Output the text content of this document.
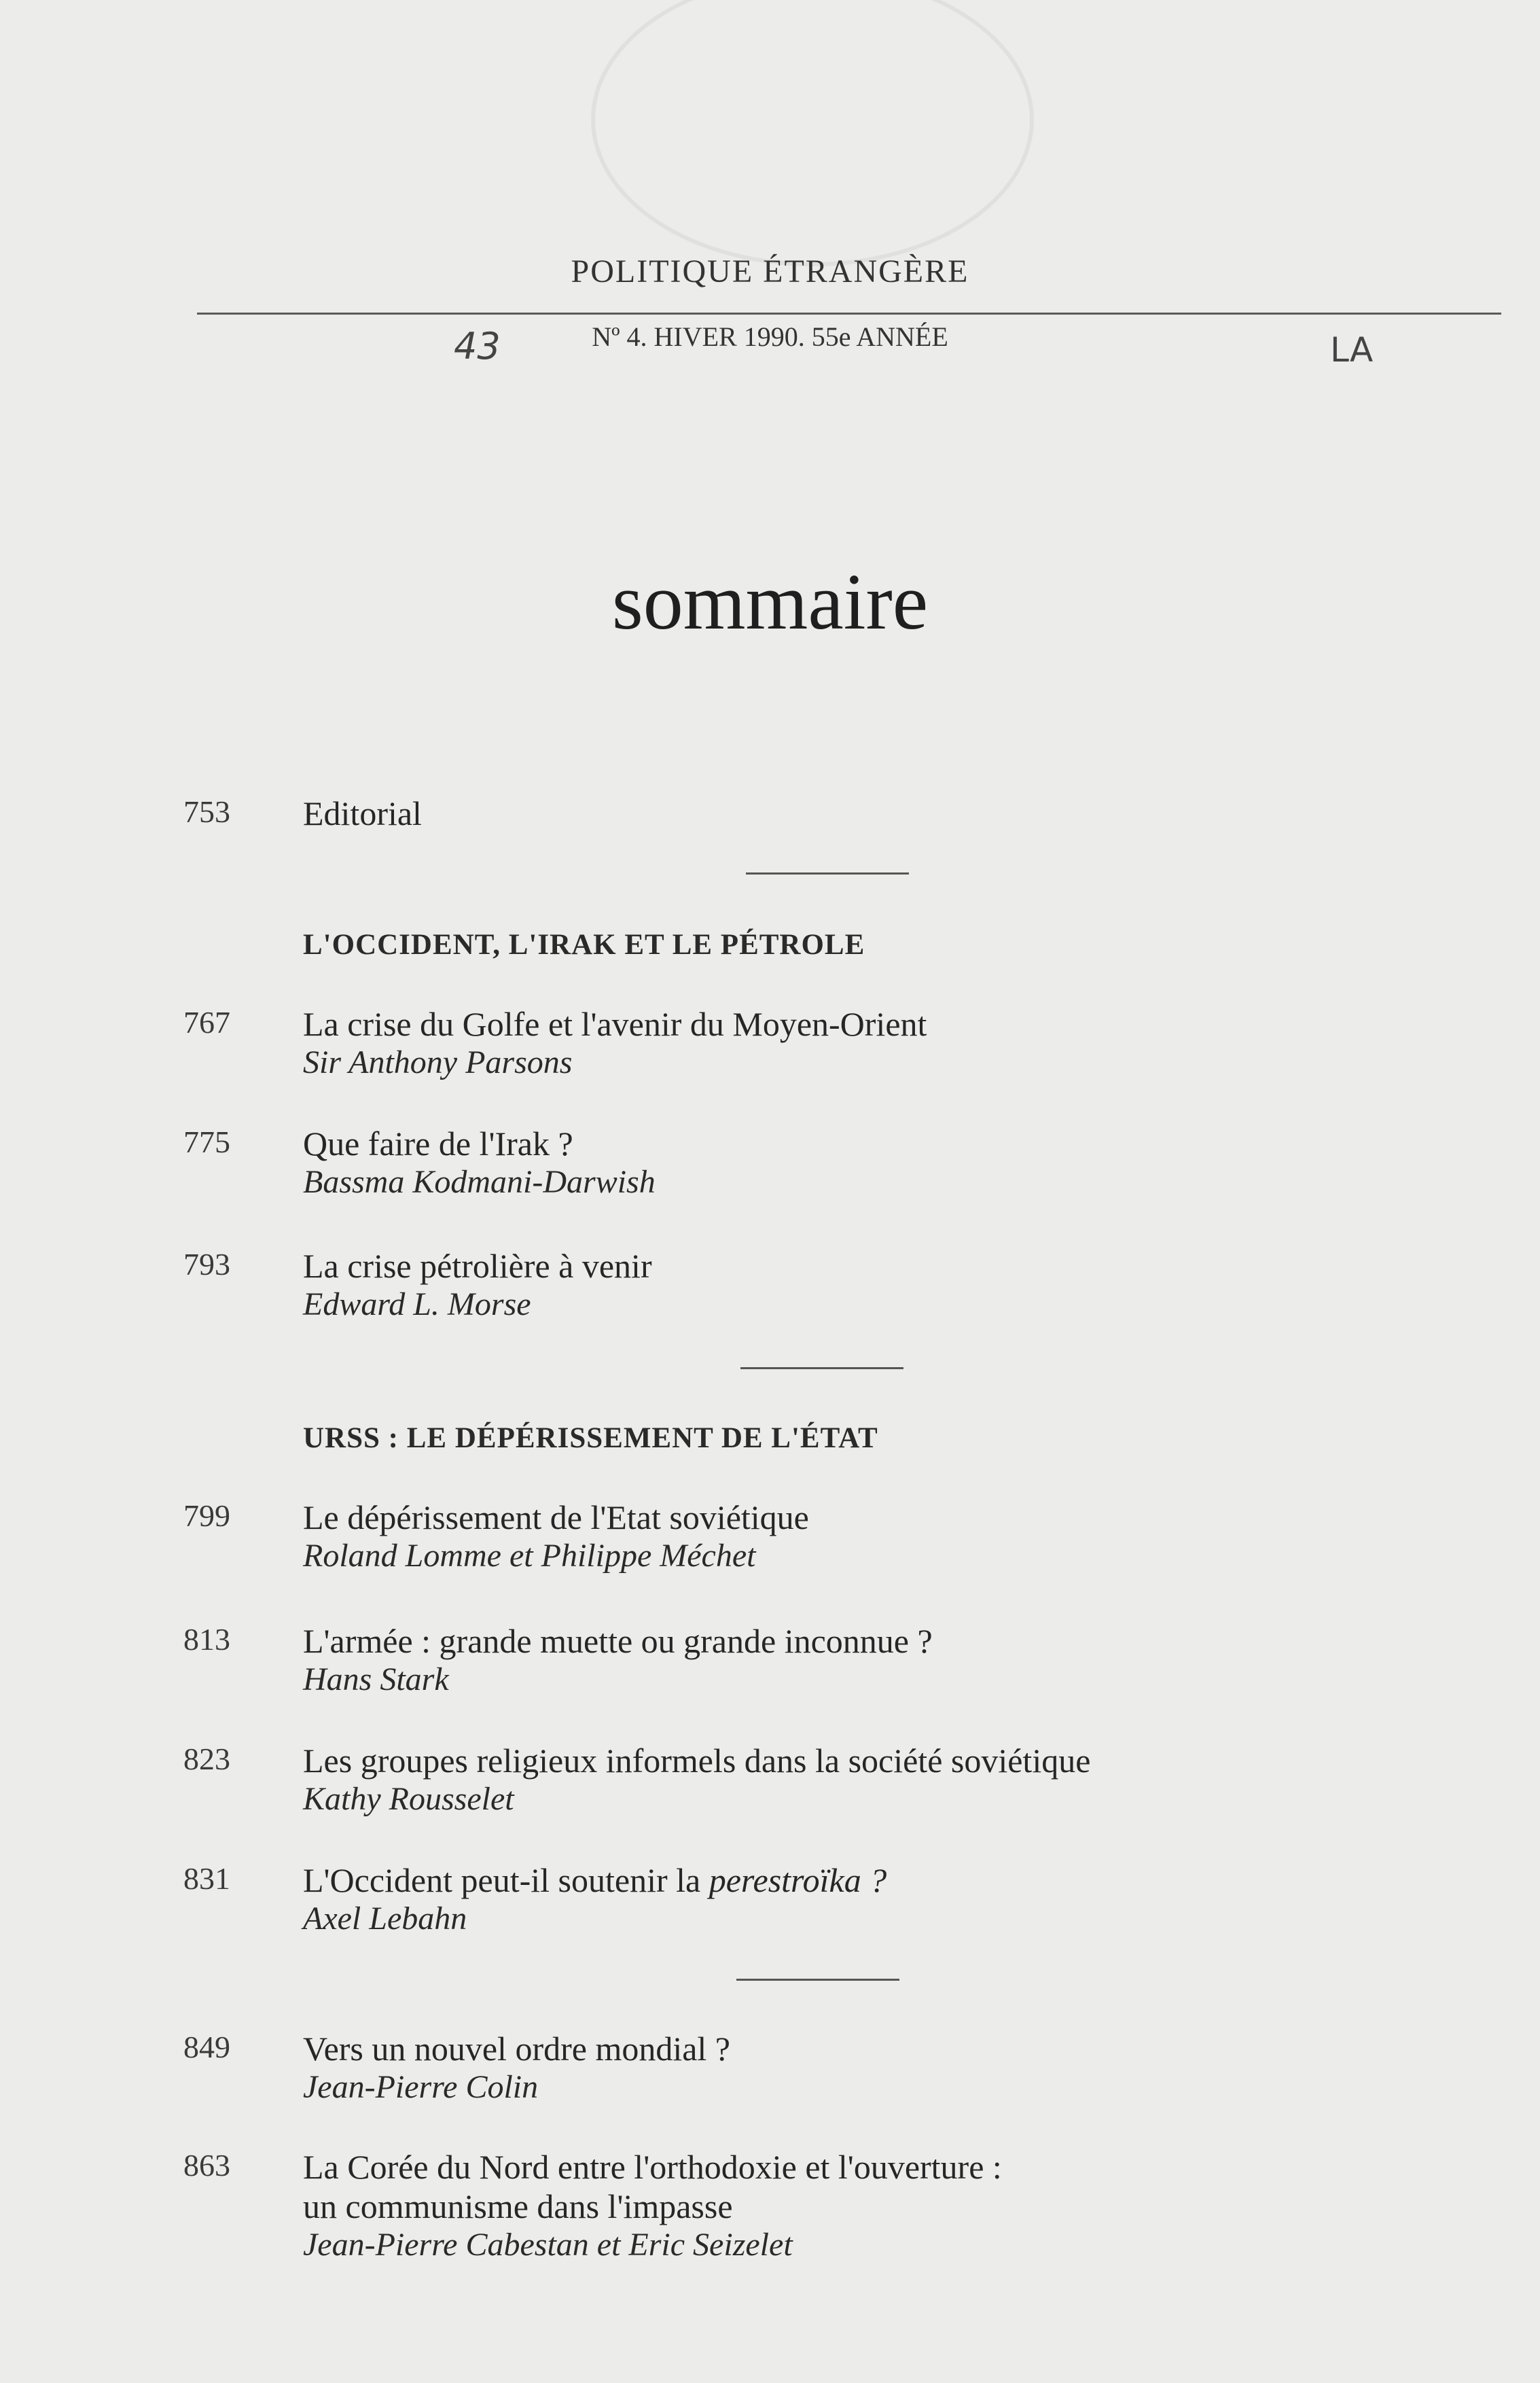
POLITIQUE ÉTRANGÈRE
43	Nº 4. HIVER 1990. 55e ANNÉE	LA
sommaire
753 Editorial
L'OCCIDENT, L'IRAK ET LE PÉTROLE
767 La crise du Golfe et l'avenir du Moyen-Orient
Sir Anthony Parsons
775 Que faire de l'Irak ?
Bassma Kodmani-Darwish
793 La crise pétrolière à venir
Edward L. Morse
URSS : LE DÉPÉRISSEMENT DE L'ÉTAT
799 Le dépérissement de l'Etat soviétique
Roland Lomme et Philippe Méchet
813 L'armée : grande muette ou grande inconnue ?
Hans Stark
823 Les groupes religieux informels dans la société soviétique
Kathy Rousselet
831 L'Occident peut-il soutenir la perestroïka ?
Axel Lebahn
849 Vers un nouvel ordre mondial ?
Jean-Pierre Colin
863 La Corée du Nord entre l'orthodoxie et l'ouverture :
un communisme dans l'impasse
Jean-Pierre Cabestan et Eric Seizelet
